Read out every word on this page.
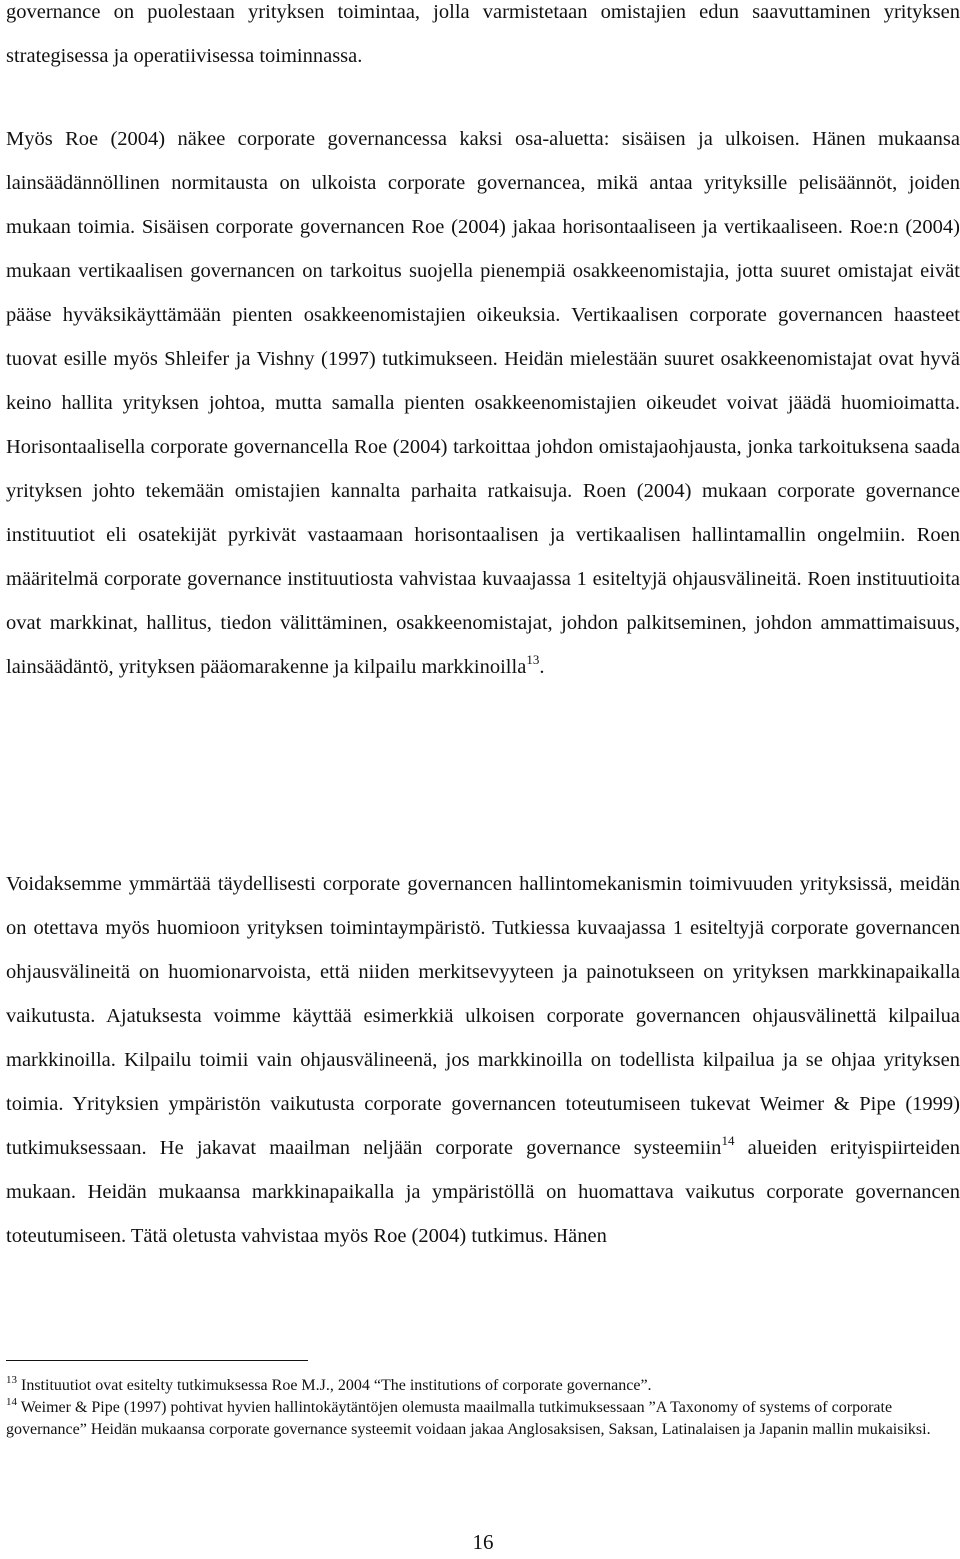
governance on puolestaan yrityksen toimintaa, jolla varmistetaan omistajien edun saavuttaminen yrityksen strategisessa ja operatiivisessa toiminnassa.

Myös Roe (2004) näkee corporate governancessa kaksi osa-aluetta: sisäisen ja ulkoisen. Hänen mukaansa lainsäädännöllinen normitausta on ulkoista corporate governancea, mikä antaa yrityksille pelisäännöt, joiden mukaan toimia. Sisäisen corporate governancen Roe (2004) jakaa horisontaaliseen ja vertikaaliseen. Roe:n (2004) mukaan vertikaalisen governancen on tarkoitus suojella pienempiä osakkeenomistajia, jotta suuret omistajat eivät pääse hyväksikäyttämään pienten osakkeenomistajien oikeuksia. Vertikaalisen corporate governancen haasteet tuovat esille myös Shleifer ja Vishny (1997) tutkimukseen. Heidän mielestään suuret osakkeenomistajat ovat hyvä keino hallita yrityksen johtoa, mutta samalla pienten osakkeenomistajien oikeudet voivat jäädä huomioimatta. Horisontaalisella corporate governancella Roe (2004) tarkoittaa johdon omistajaohjausta, jonka tarkoituksena saada yrityksen johto tekemään omistajien kannalta parhaita ratkaisuja. Roen (2004) mukaan corporate governance instituutiot eli osatekijät pyrkivät vastaamaan horisontaalisen ja vertikaalisen hallintamallin ongelmiin. Roen määritelmä corporate governance instituutiosta vahvistaa kuvaajassa 1 esiteltyjä ohjausvälineitä. Roen instituutioita ovat markkinat, hallitus, tiedon välittäminen, osakkeenomistajat, johdon palkitseminen, johdon ammattimaisuus, lainsäädäntö, yrityksen pääomarakenne ja kilpailu markkinoilla$^{13}$.

Voidaksemme ymmärtää täydellisesti corporate governancen hallintomekanismin toimivuuden yrityksissä, meidän on otettava myös huomioon yrityksen toimintaympäristö. Tutkiessa kuvaajassa 1 esiteltyjä corporate governancen ohjausvälineitä on huomionarvoista, että niiden merkitsevyyteen ja painotukseen on yrityksen markkinapaikalla vaikutusta. Ajatuksesta voimme käyttää esimerkkiä ulkoisen corporate governancen ohjausvälinettä kilpailua markkinoilla. Kilpailu toimii vain ohjausvälineenä, jos markkinoilla on todellista kilpailua ja se ohjaa yrityksen toimia. Yrityksien ympäristön vaikutusta corporate governancen toteutumiseen tukevat Weimer & Pipe (1999) tutkimuksessaan. He jakavat maailman neljään corporate governance systeemiin$^{14}$ alueiden erityispiirteiden mukaan. Heidän mukaansa markkinapaikalla ja ympäristöllä on huomattava vaikutus corporate governancen toteutumiseen. Tätä oletusta vahvistaa myös Roe (2004) tutkimus. Hänen

$^{13}$ Instituutiot ovat esitelty tutkimuksessa Roe M.J., 2004 “The institutions of corporate governance”.

$^{14}$ Weimer & Pipe (1997) pohtivat hyvien hallintokäytäntöjen olemusta maailmalla tutkimuksessaan ”A Taxonomy of systems of corporate governance” Heidän mukaansa corporate governance systeemit voidaan jakaa Anglosaksisen, Saksan, Latinalaisen ja Japanin mallin mukaisiksi.

16
